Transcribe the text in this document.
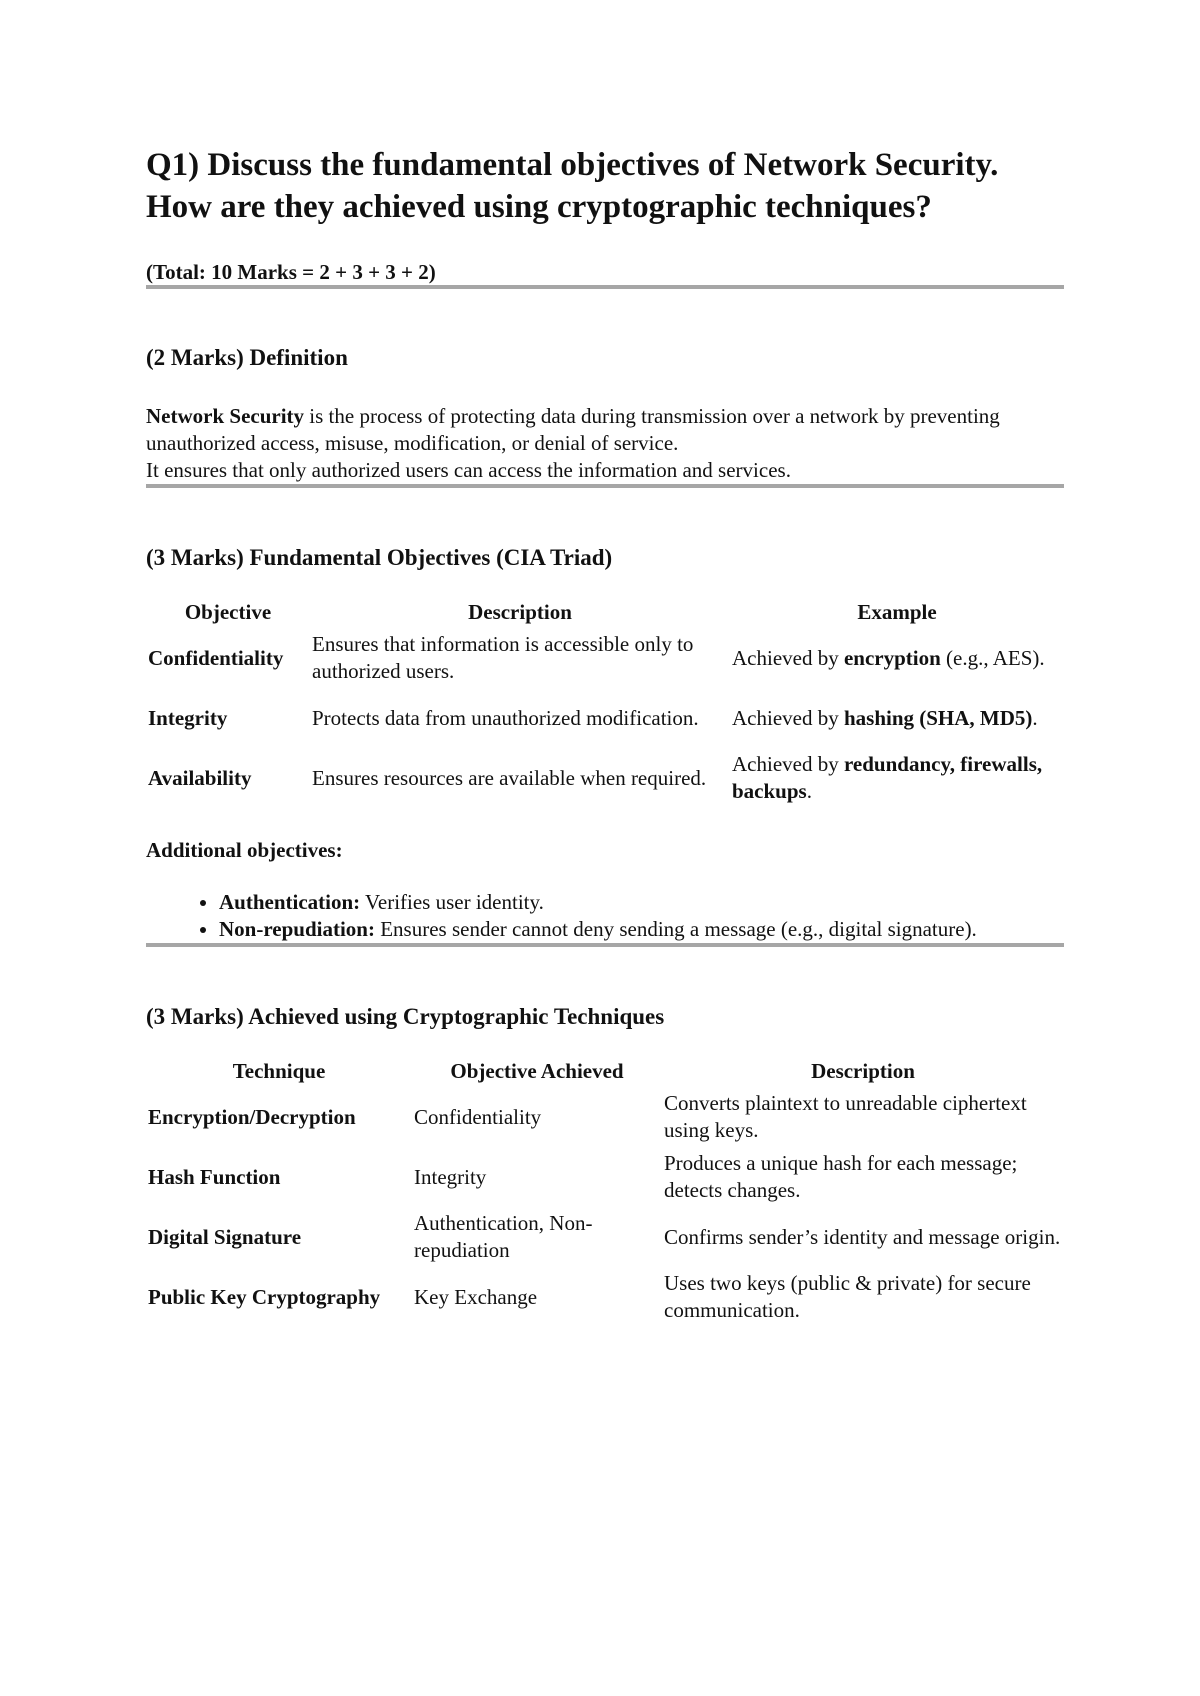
Q1) Discuss the fundamental objectives of Network Security. How are they achieved using cryptographic techniques?
(Total: 10 Marks = 2 + 3 + 3 + 2)
(2 Marks) Definition
Network Security is the process of protecting data during transmission over a network by preventing unauthorized access, misuse, modification, or denial of service.
It ensures that only authorized users can access the information and services.
(3 Marks) Fundamental Objectives (CIA Triad)
Objective	Description	Example
Confidentiality	Ensures that information is accessible only to authorized users.	Achieved by encryption (e.g., AES).
Integrity	Protects data from unauthorized modification.	Achieved by hashing (SHA, MD5).
Availability	Ensures resources are available when required.	Achieved by redundancy, firewalls, backups.
Additional objectives:
• Authentication: Verifies user identity.
• Non-repudiation: Ensures sender cannot deny sending a message (e.g., digital signature).
(3 Marks) Achieved using Cryptographic Techniques
Technique	Objective Achieved	Description
Encryption/Decryption	Confidentiality	Converts plaintext to unreadable ciphertext using keys.
Hash Function	Integrity	Produces a unique hash for each message; detects changes.
Digital Signature	Authentication, Non-repudiation	Confirms sender’s identity and message origin.
Public Key Cryptography	Key Exchange	Uses two keys (public & private) for secure communication.
